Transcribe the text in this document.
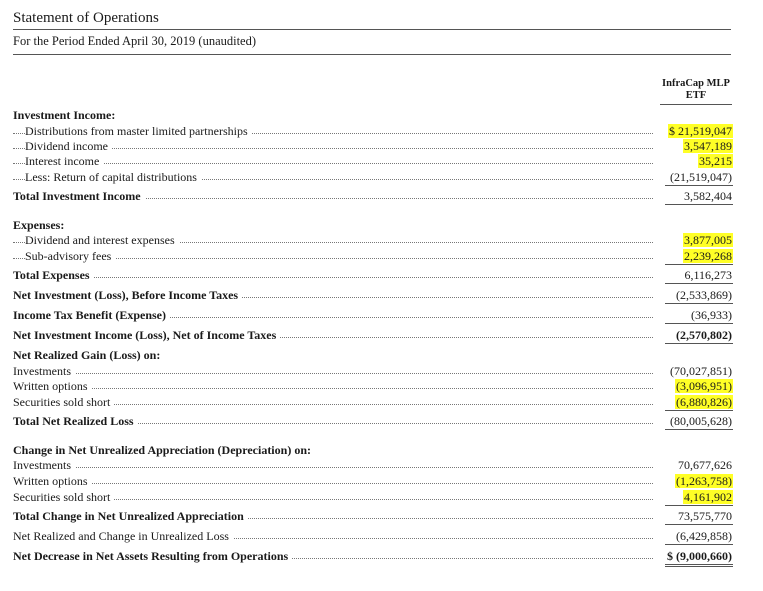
Statement of Operations
For the Period Ended April 30, 2019 (unaudited)
InfraCap MLP
ETF
Investment Income:
Distributions from master limited partnerships	$ 21,519,047
Dividend income	3,547,189
Interest income	35,215
Less: Return of capital distributions	(21,519,047)
Total Investment Income	3,582,404
Expenses:
Dividend and interest expenses	3,877,005
Sub-advisory fees	2,239,268
Total Expenses	6,116,273
Net Investment (Loss), Before Income Taxes	(2,533,869)
Income Tax Benefit (Expense)	(36,933)
Net Investment Income (Loss), Net of Income Taxes	(2,570,802)
Net Realized Gain (Loss) on:
Investments	(70,027,851)
Written options	(3,096,951)
Securities sold short	(6,880,826)
Total Net Realized Loss	(80,005,628)
Change in Net Unrealized Appreciation (Depreciation) on:
Investments	70,677,626
Written options	(1,263,758)
Securities sold short	4,161,902
Total Change in Net Unrealized Appreciation	73,575,770
Net Realized and Change in Unrealized Loss	(6,429,858)
Net Decrease in Net Assets Resulting from Operations	$ (9,000,660)
